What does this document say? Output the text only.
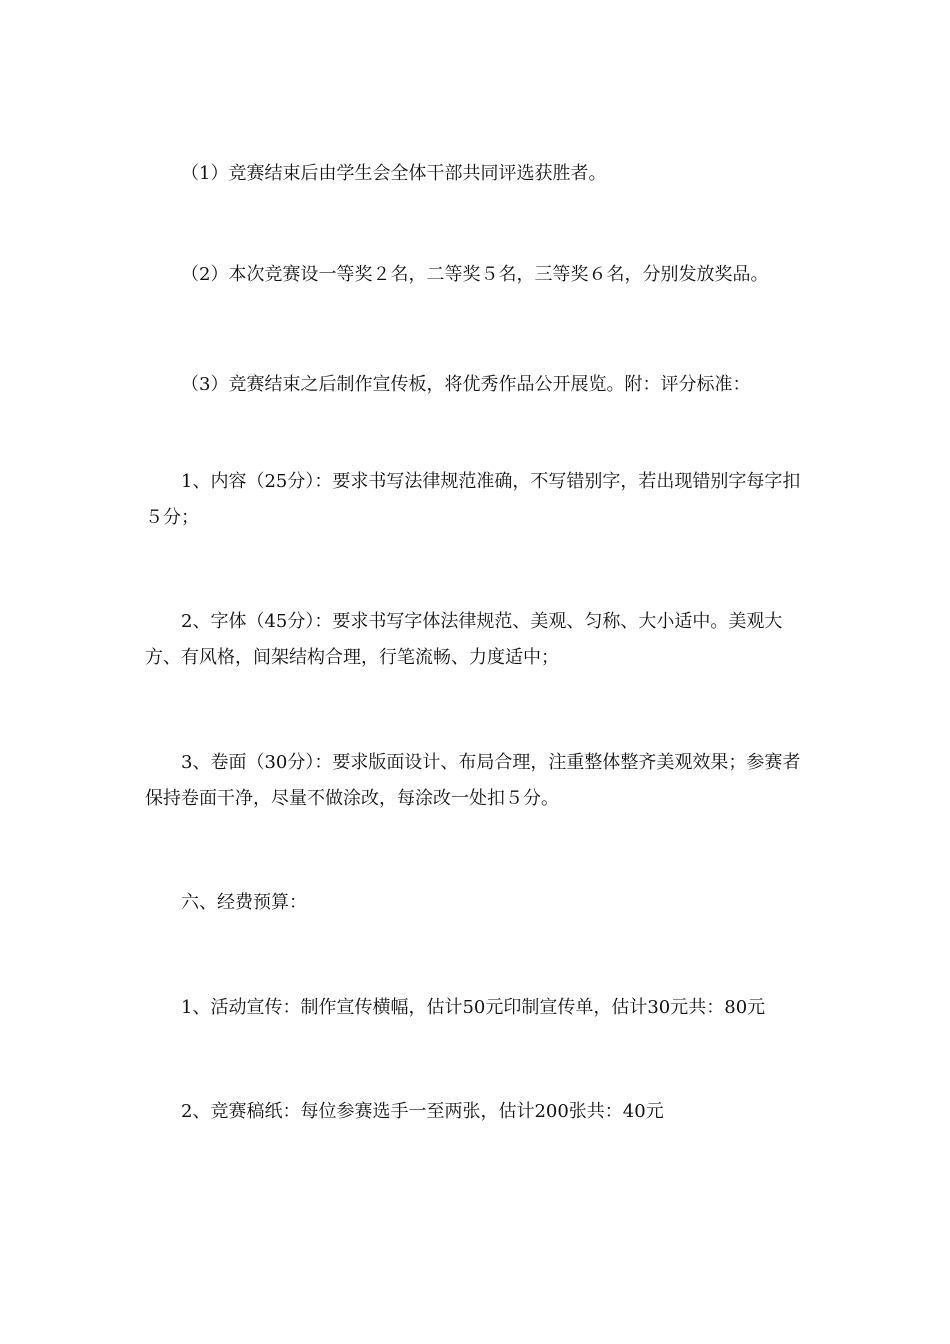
（1）竞赛结束后由学生会全体干部共同评选获胜者。

（2）本次竞赛设一等奖２名，二等奖５名，三等奖６名，分别发放奖品。

（3）竞赛结束之后制作宣传板，将优秀作品公开展览。附：评分标准：

1、内容（25分）：要求书写法律规范准确，不写错别字，若出现错别字每字扣５分；

2、字体（45分）：要求书写字体法律规范、美观、匀称、大小适中。美观大方、有风格，间架结构合理，行笔流畅、力度适中；

3、卷面（30分）：要求版面设计、布局合理，注重整体整齐美观效果；参赛者保持卷面干净，尽量不做涂改，每涂改一处扣５分。

六、经费预算：

1、活动宣传：制作宣传横幅，估计50元印制宣传单，估计30元共：80元

2、竞赛稿纸：每位参赛选手一至两张，估计200张共：40元
